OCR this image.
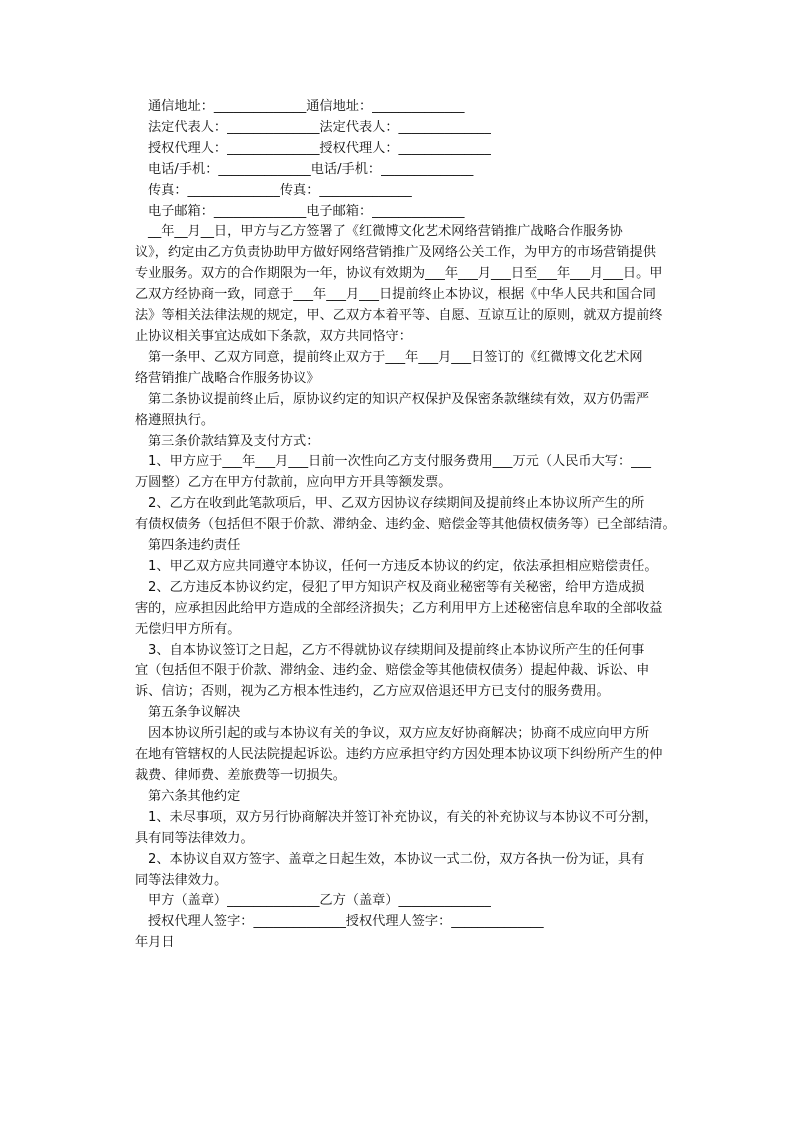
通信地址：______________通信地址：______________
法定代表人：______________法定代表人：______________
授权代理人：______________授权代理人：______________
电话/手机：______________电话/手机：______________
传真：______________传真：______________
电子邮箱：______________电子邮箱：______________
__年__月__日，甲方与乙方签署了《红微博文化艺术网络营销推广战略合作服务协
议》，约定由乙方负责协助甲方做好网络营销推广及网络公关工作，为甲方的市场营销提供
专业服务。双方的合作期限为一年，协议有效期为___年___月___日至___年___月___日。甲
乙双方经协商一致，同意于___年___月___日提前终止本协议，根据《中华人民共和国合同
法》等相关法律法规的规定，甲、乙双方本着平等、自愿、互谅互让的原则，就双方提前终
止协议相关事宜达成如下条款，双方共同恪守：
第一条甲、乙双方同意，提前终止双方于___年___月___日签订的《红微博文化艺术网
络营销推广战略合作服务协议》
第二条协议提前终止后，原协议约定的知识产权保护及保密条款继续有效，双方仍需严
格遵照执行。
第三条价款结算及支付方式：
1、甲方应于___年___月___日前一次性向乙方支付服务费用___万元（人民币大写：___
万圆整）乙方在甲方付款前，应向甲方开具等额发票。
2、乙方在收到此笔款项后，甲、乙双方因协议存续期间及提前终止本协议所产生的所
有债权债务（包括但不限于价款、滞纳金、违约金、赔偿金等其他债权债务等）已全部结清。
第四条违约责任
1、甲乙双方应共同遵守本协议，任何一方违反本协议的约定，依法承担相应赔偿责任。
2、乙方违反本协议约定，侵犯了甲方知识产权及商业秘密等有关秘密，给甲方造成损
害的，应承担因此给甲方造成的全部经济损失；乙方利用甲方上述秘密信息牟取的全部收益
无偿归甲方所有。
3、自本协议签订之日起，乙方不得就协议存续期间及提前终止本协议所产生的任何事
宜（包括但不限于价款、滞纳金、违约金、赔偿金等其他债权债务）提起仲裁、诉讼、申
诉、信访；否则，视为乙方根本性违约，乙方应双倍退还甲方已支付的服务费用。
第五条争议解决
因本协议所引起的或与本协议有关的争议，双方应友好协商解决；协商不成应向甲方所
在地有管辖权的人民法院提起诉讼。违约方应承担守约方因处理本协议项下纠纷所产生的仲
裁费、律师费、差旅费等一切损失。
第六条其他约定
1、未尽事项，双方另行协商解决并签订补充协议，有关的补充协议与本协议不可分割，
具有同等法律效力。
2、本协议自双方签字、盖章之日起生效，本协议一式二份，双方各执一份为证，具有
同等法律效力。
甲方（盖章）______________乙方（盖章）______________
授权代理人签字：______________授权代理人签字：______________
年月日
